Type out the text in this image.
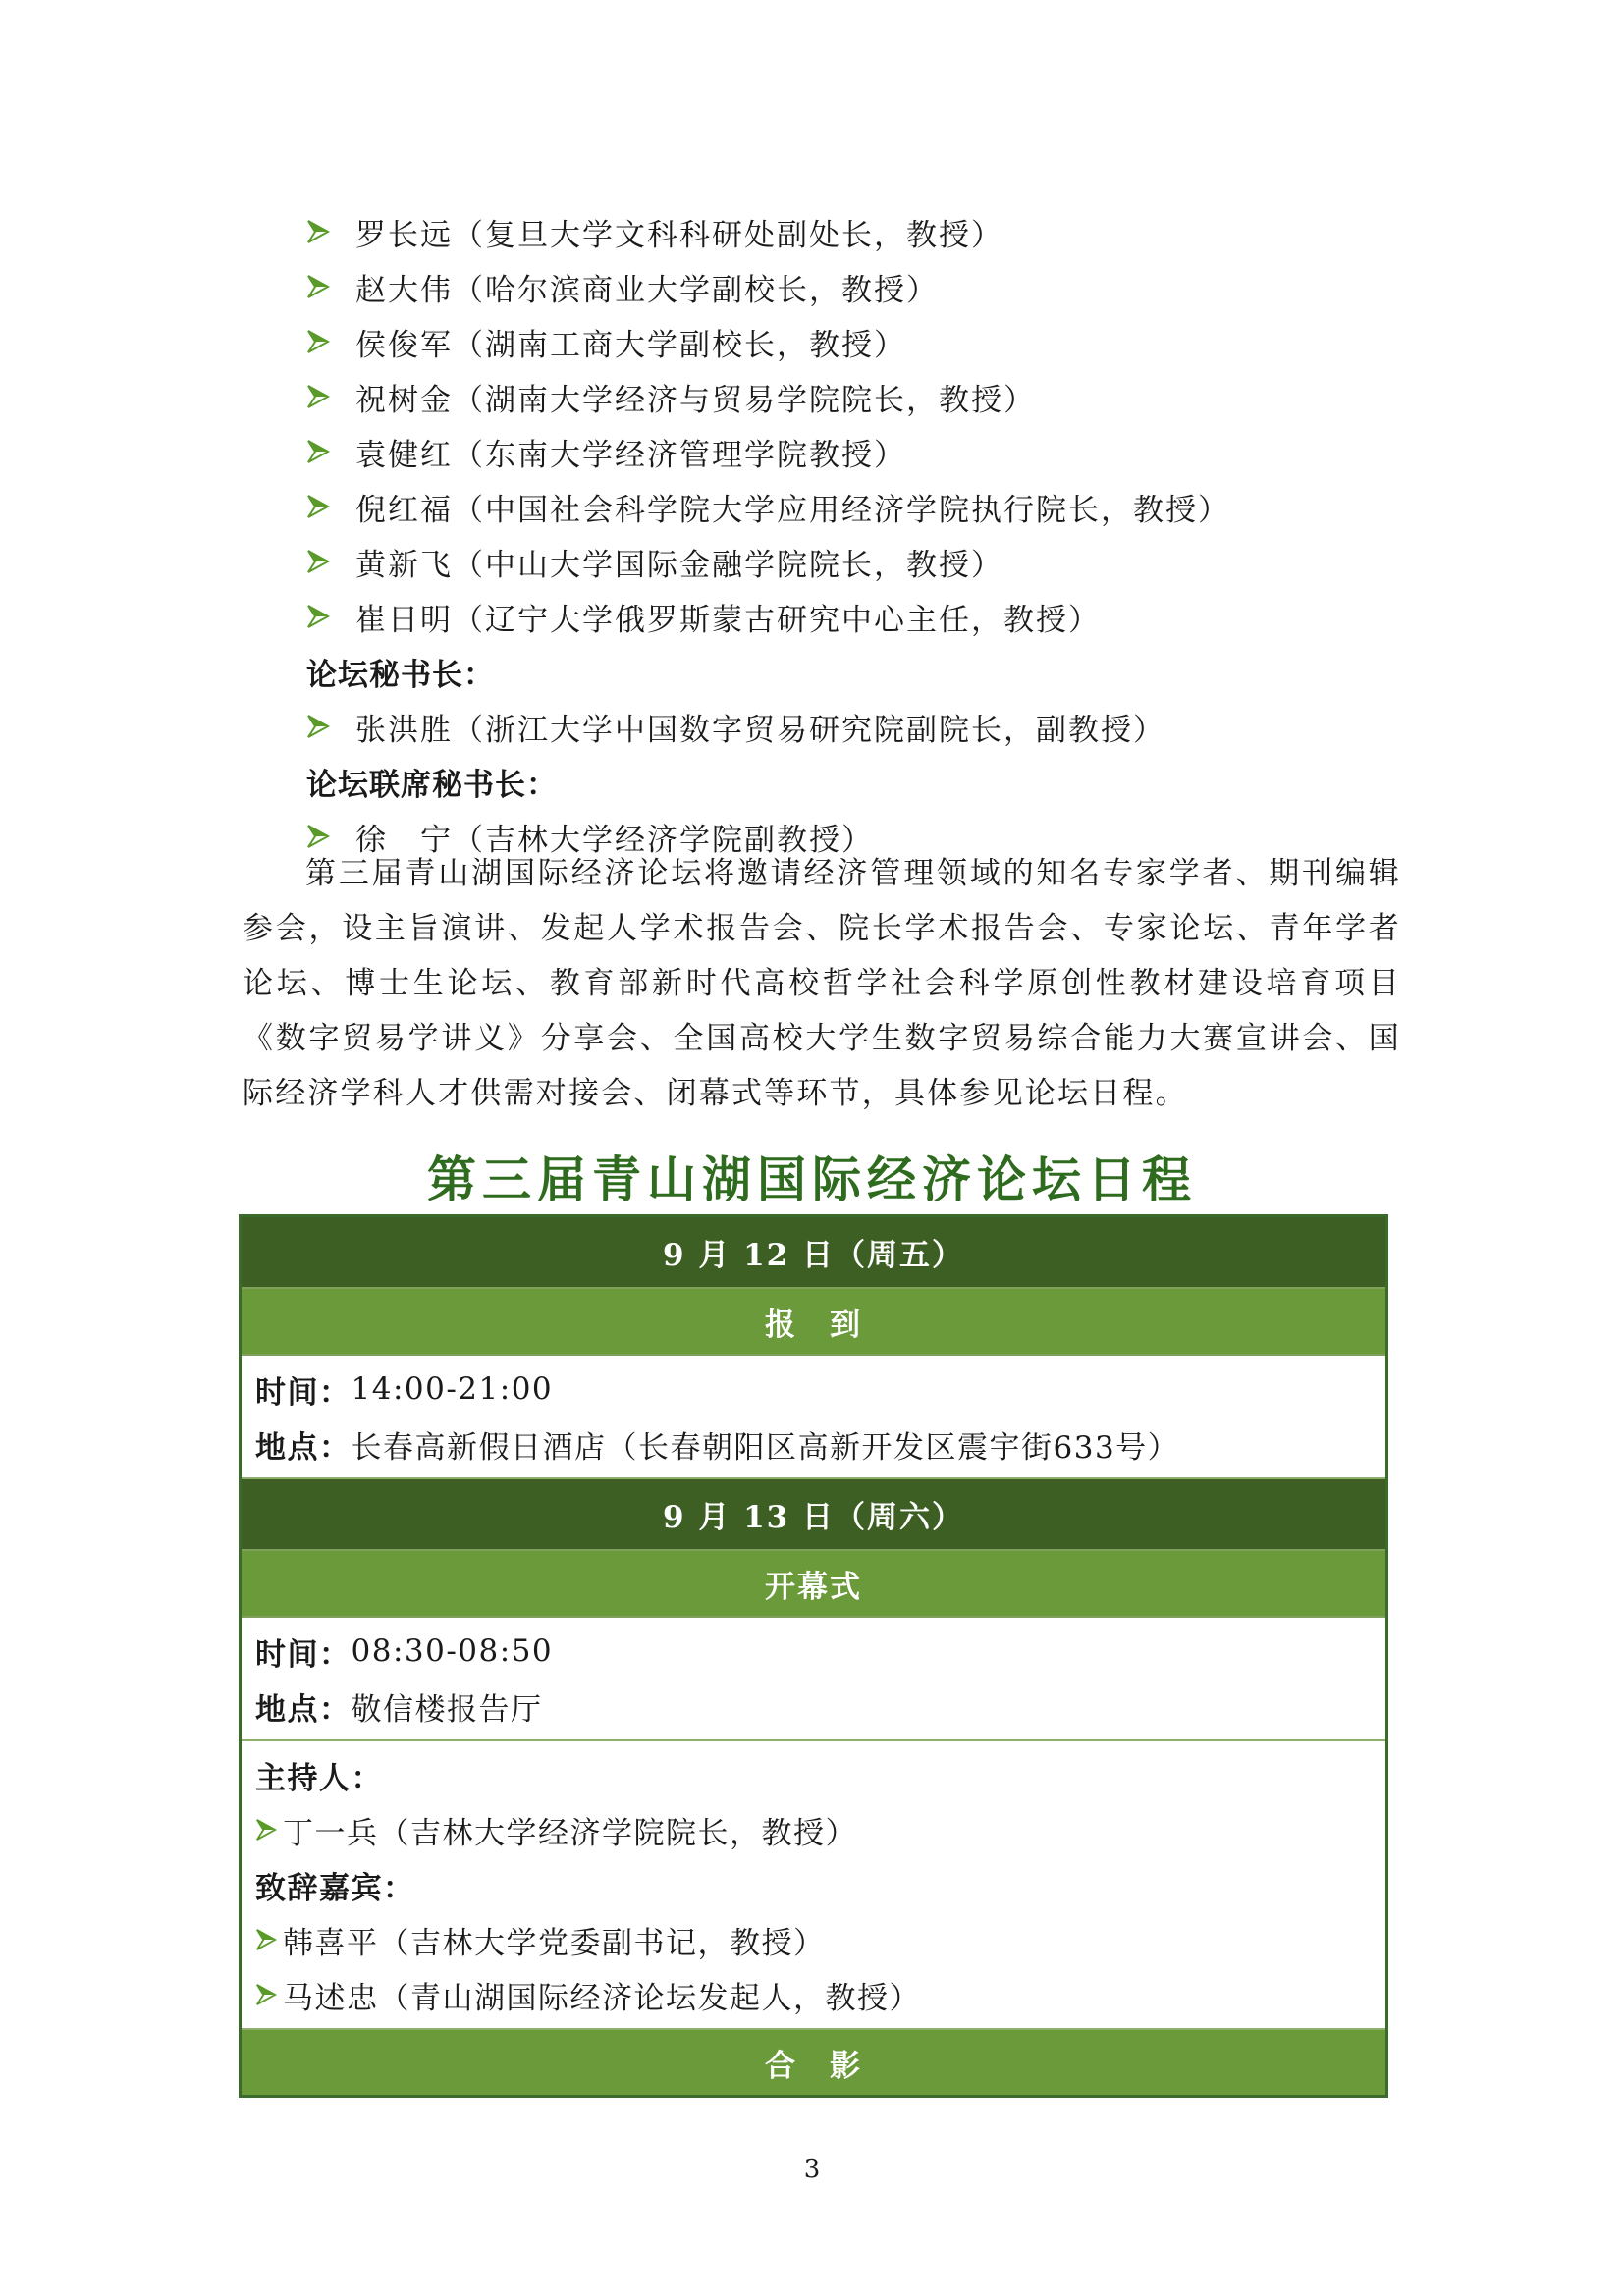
罗长远（复旦大学文科科研处副处长，教授）
赵大伟（哈尔滨商业大学副校长，教授）
侯俊军（湖南工商大学副校长，教授）
祝树金（湖南大学经济与贸易学院院长，教授）
袁健红（东南大学经济管理学院教授）
倪红福（中国社会科学院大学应用经济学院执行院长，教授）
黄新飞（中山大学国际金融学院院长，教授）
崔日明（辽宁大学俄罗斯蒙古研究中心主任，教授）
论坛秘书长：
张洪胜（浙江大学中国数字贸易研究院副院长，副教授）
论坛联席秘书长：
徐　宁（吉林大学经济学院副教授）

第三届青山湖国际经济论坛将邀请经济管理领域的知名专家学者、期刊编辑参会，设主旨演讲、发起人学术报告会、院长学术报告会、专家论坛、青年学者论坛、博士生论坛、教育部新时代高校哲学社会科学原创性教材建设培育项目《数字贸易学讲义》分享会、全国高校大学生数字贸易综合能力大赛宣讲会、国际经济学科人才供需对接会、闭幕式等环节，具体参见论坛日程。

第三届青山湖国际经济论坛日程
9 月 12 日（周五）
报　到
时间： 14:00-21:00
地点： 长春高新假日酒店（长春朝阳区高新开发区震宇街633号）
9 月 13 日（周六）
开幕式
时间： 08:30-08:50
地点： 敬信楼报告厅
主持人：
丁一兵（吉林大学经济学院院长，教授）
致辞嘉宾：
韩喜平（吉林大学党委副书记，教授）
马述忠（青山湖国际经济论坛发起人，教授）
合　影
3
